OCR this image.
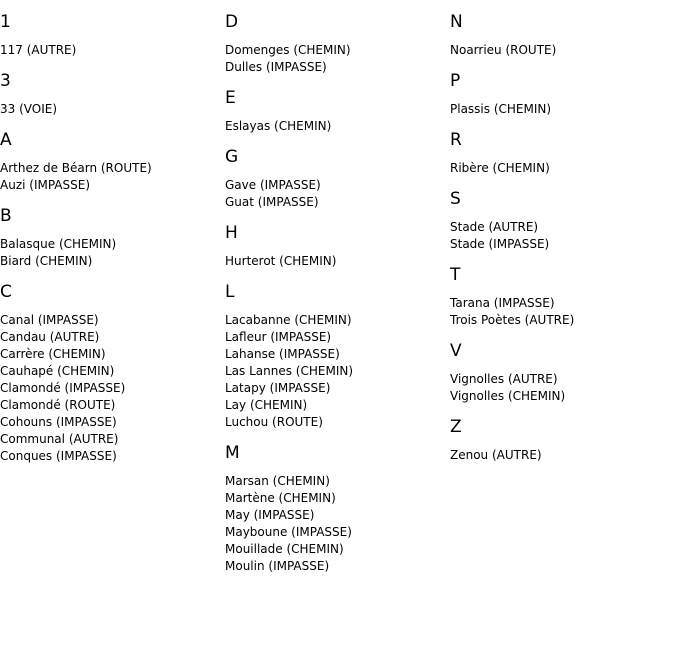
1
117 (AUTRE)
3
33 (VOIE)
A
Arthez de Béarn (ROUTE)
Auzi (IMPASSE)
B
Balasque (CHEMIN)
Biard (CHEMIN)
C
Canal (IMPASSE)
Candau (AUTRE)
Carrère (CHEMIN)
Cauhapé (CHEMIN)
Clamondé (IMPASSE)
Clamondé (ROUTE)
Cohouns (IMPASSE)
Communal (AUTRE)
Conques (IMPASSE)
D
Domenges (CHEMIN)
Dulles (IMPASSE)
E
Eslayas (CHEMIN)
G
Gave (IMPASSE)
Guat (IMPASSE)
H
Hurterot (CHEMIN)
L
Lacabanne (CHEMIN)
Lafleur (IMPASSE)
Lahanse (IMPASSE)
Las Lannes (CHEMIN)
Latapy (IMPASSE)
Lay (CHEMIN)
Luchou (ROUTE)
M
Marsan (CHEMIN)
Martène (CHEMIN)
May (IMPASSE)
Mayboune (IMPASSE)
Mouillade (CHEMIN)
Moulin (IMPASSE)
N
Noarrieu (ROUTE)
P
Plassis (CHEMIN)
R
Ribère (CHEMIN)
S
Stade (AUTRE)
Stade (IMPASSE)
T
Tarana (IMPASSE)
Trois Poètes (AUTRE)
V
Vignolles (AUTRE)
Vignolles (CHEMIN)
Z
Zenou (AUTRE)
